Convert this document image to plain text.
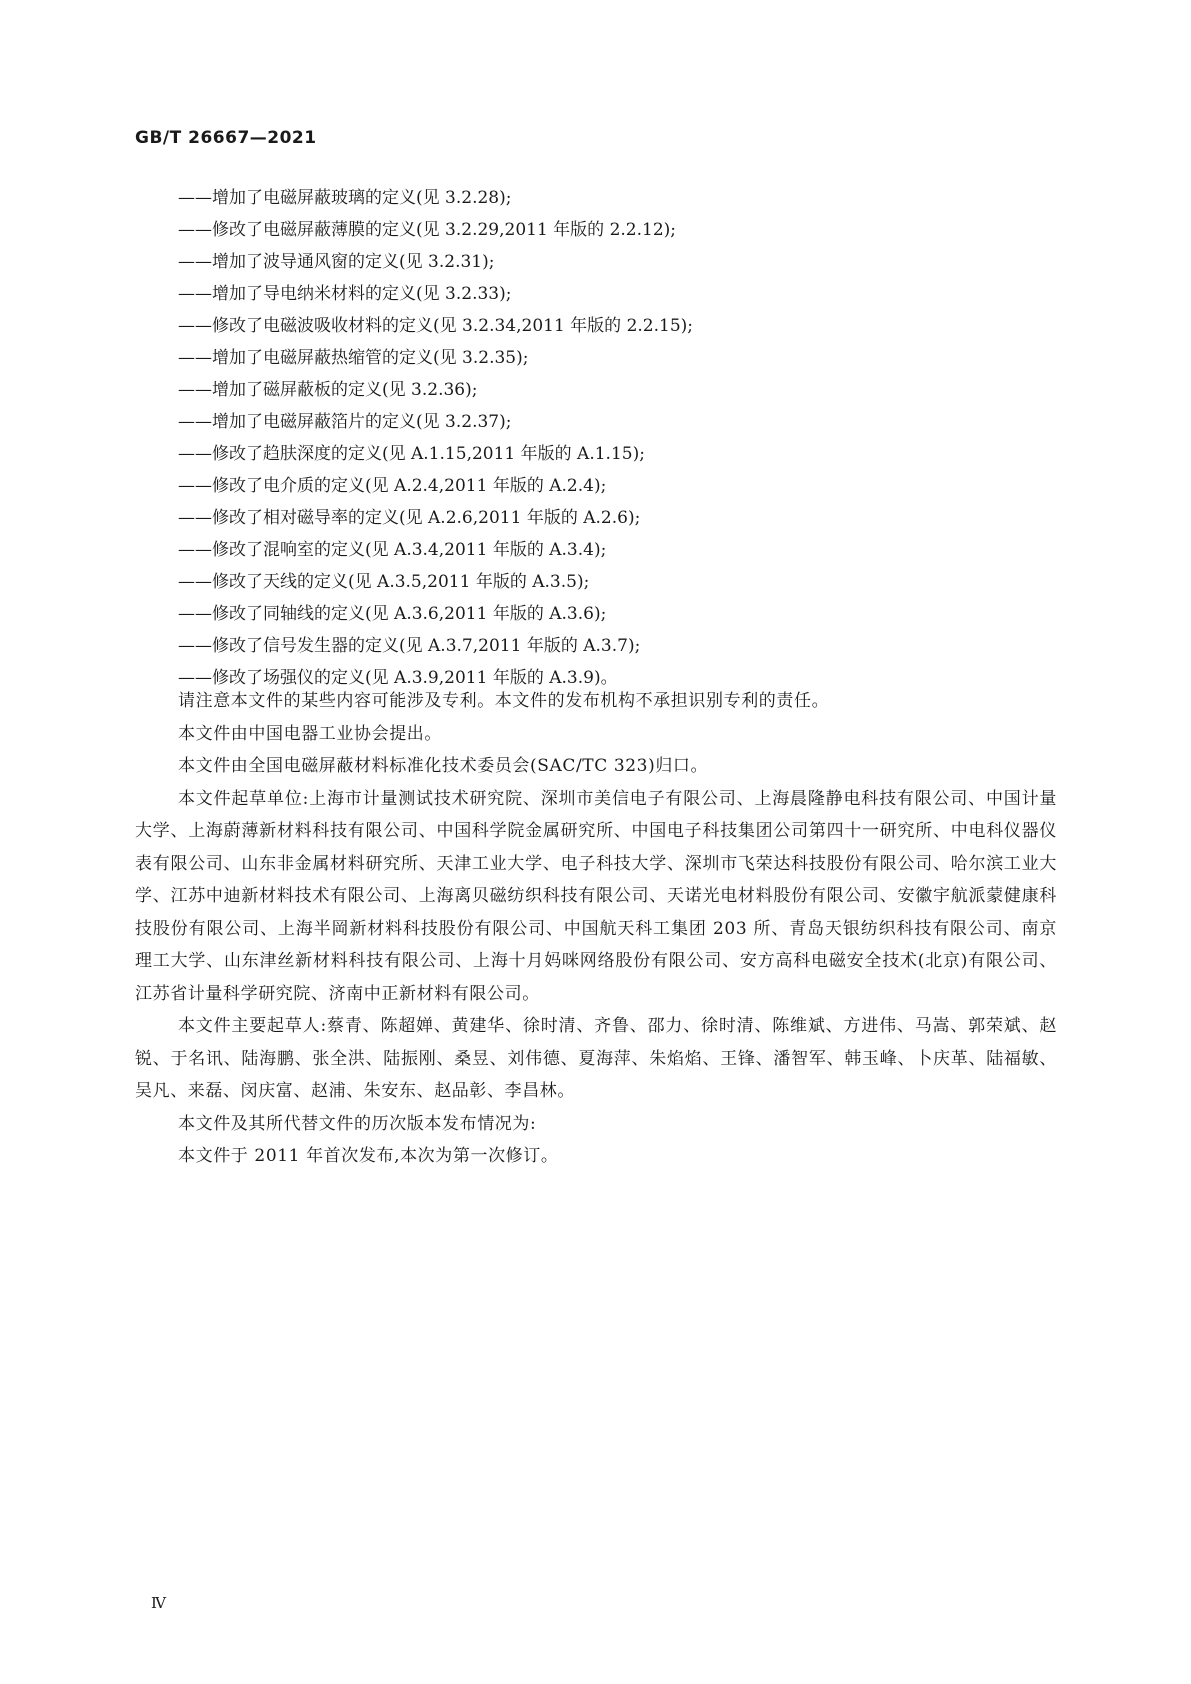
GB/T 26667—2021
——增加了电磁屏蔽玻璃的定义(见 3.2.28);
——修改了电磁屏蔽薄膜的定义(见 3.2.29,2011 年版的 2.2.12);
——增加了波导通风窗的定义(见 3.2.31);
——增加了导电纳米材料的定义(见 3.2.33);
——修改了电磁波吸收材料的定义(见 3.2.34,2011 年版的 2.2.15);
——增加了电磁屏蔽热缩管的定义(见 3.2.35);
——增加了磁屏蔽板的定义(见 3.2.36);
——增加了电磁屏蔽箔片的定义(见 3.2.37);
——修改了趋肤深度的定义(见 A.1.15,2011 年版的 A.1.15);
——修改了电介质的定义(见 A.2.4,2011 年版的 A.2.4);
——修改了相对磁导率的定义(见 A.2.6,2011 年版的 A.2.6);
——修改了混响室的定义(见 A.3.4,2011 年版的 A.3.4);
——修改了天线的定义(见 A.3.5,2011 年版的 A.3.5);
——修改了同轴线的定义(见 A.3.6,2011 年版的 A.3.6);
——修改了信号发生器的定义(见 A.3.7,2011 年版的 A.3.7);
——修改了场强仪的定义(见 A.3.9,2011 年版的 A.3.9)。

请注意本文件的某些内容可能涉及专利。本文件的发布机构不承担识别专利的责任。

本文件由中国电器工业协会提出。

本文件由全国电磁屏蔽材料标准化技术委员会(SAC/TC 323)归口。

本文件起草单位:上海市计量测试技术研究院、深圳市美信电子有限公司、上海晨隆静电科技有限公司、中国计量大学、上海蔚薄新材料科技有限公司、中国科学院金属研究所、中国电子科技集团公司第四十一研究所、中电科仪器仪表有限公司、山东非金属材料研究所、天津工业大学、电子科技大学、深圳市飞荣达科技股份有限公司、哈尔滨工业大学、江苏中迪新材料技术有限公司、上海离贝磁纺织科技有限公司、天诺光电材料股份有限公司、安徽宇航派蒙健康科技股份有限公司、上海半岡新材料科技股份有限公司、中国航天科工集团 203 所、青岛天银纺织科技有限公司、南京理工大学、山东津丝新材料科技有限公司、上海十月妈咪网络股份有限公司、安方高科电磁安全技术(北京)有限公司、江苏省计量科学研究院、济南中正新材料有限公司。

本文件主要起草人:蔡青、陈超婵、黄建华、徐时清、齐鲁、邵力、徐时清、陈维斌、方进伟、马嵩、郭荣斌、赵锐、于名讯、陆海鹏、张全洪、陆振刚、桑昱、刘伟德、夏海萍、朱焰焰、王锋、潘智军、韩玉峰、卜庆革、陆福敏、吴凡、来磊、闵庆富、赵浦、朱安东、赵品彰、李昌林。

本文件及其所代替文件的历次版本发布情况为:

本文件于 2011 年首次发布,本次为第一次修订。

Ⅳ
